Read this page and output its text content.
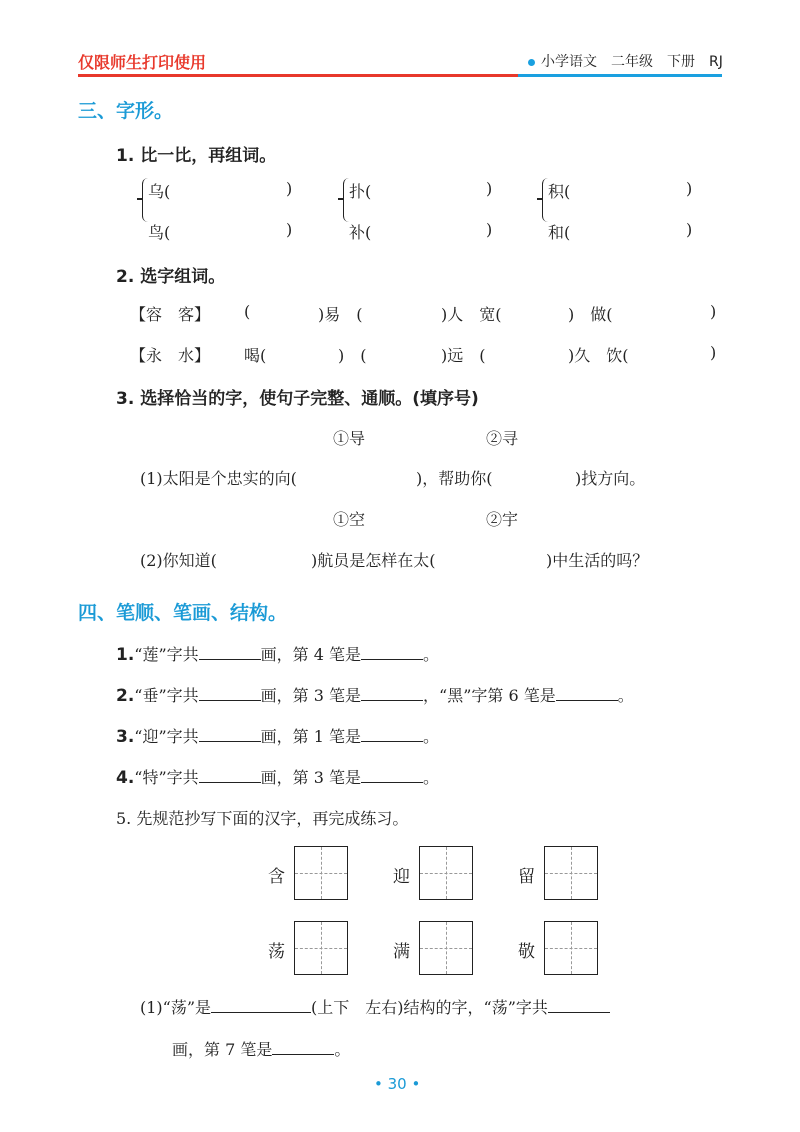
仅限师生打印使用	小学语文 二年级 下册 RJ
三、字形。
1. 比一比，再组词。
乌(	)
鸟(	)
扑(	)
补(	)
积(	)
和(	)
2. 选字组词。
【容　客】 (	)易　(	)人　宽(	)　做(	)
【永　水】 喝(	)　(	)远　(	)久　饮(	)
3. 选择恰当的字，使句子完整、通顺。(填序号)
①导	②寻
(1)太阳是个忠实的向(	)，帮助你(	)找方向。
①空	②宇
(2)你知道(	)航员是怎样在太(	)中生活的吗？
四、笔顺、笔画、结构。
1.“莲”字共	画，第 4 笔是	。
2.“垂”字共	画，第 3 笔是	，“黑”字第 6 笔是	。
3.“迎”字共	画，第 1 笔是	。
4.“特”字共	画，第 3 笔是	。
5. 先规范抄写下面的汉字，再完成练习。
含	迎	留
荡	满	敬
(1)“荡”是	(上下　左右)结构的字，“荡”字共
画，第 7 笔是	。
• 30 •
